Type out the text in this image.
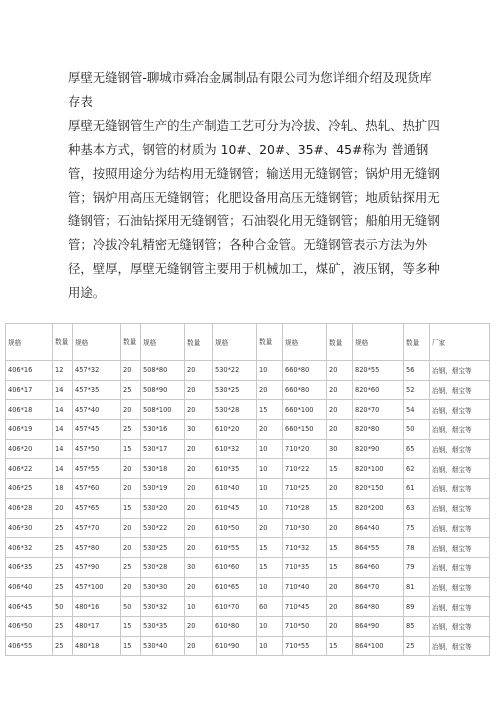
厚壁无缝钢管-聊城市舜冶金属制品有限公司为您详细介绍及现货库存表

厚壁无缝钢管生产的生产制造工艺可分为冷拔、冷轧、热轧、热扩四种基本方式，钢管的材质为 10#、20#、35#、45#称为 普通钢管，按照用途分为结构用无缝钢管；输送用无缝钢管；锅炉用无缝钢管；锅炉用高压无缝钢管；化肥设备用高压无缝钢管；地质钻探用无缝钢管；石油钻探用无缝钢管；石油裂化用无缝钢管；船舶用无缝钢管；冷拔冷轧精密无缝钢管；各种合金管。无缝钢管表示方法为外径，壁厚，厚壁无缝钢管主要用于机械加工，煤矿，液压钢，等多种用途。

规格	数量	规格	数量	规格	数量	规格	数量	规格	数量	规格	数量	厂家
406*16	12	457*32	20	508*80	20	530*22	10	660*80	20	820*55	56	冶钢，烟宝等
406*17	14	457*35	25	508*90	20	530*25	20	660*80	20	820*60	52	冶钢，烟宝等
406*18	14	457*40	20	508*100	20	530*28	15	660*100	20	820*70	54	冶钢，烟宝等
406*19	14	457*45	25	530*16	30	610*20	20	660*150	20	820*80	50	冶钢，烟宝等
406*20	14	457*50	15	530*17	20	610*32	10	710*20	30	820*90	65	冶钢，烟宝等
406*22	14	457*55	20	530*18	20	610*35	10	710*22	15	820*100	62	冶钢，烟宝等
406*25	18	457*60	20	530*19	20	610*40	10	710*25	20	820*150	61	冶钢，烟宝等
406*28	20	457*65	15	530*20	20	610*45	10	710*28	15	820*200	63	冶钢，烟宝等
406*30	25	457*70	20	530*22	20	610*50	20	710*30	20	864*40	75	冶钢，烟宝等
406*32	25	457*80	20	530*25	20	610*55	15	710*32	15	864*55	78	冶钢，烟宝等
406*35	25	457*90	25	530*28	30	610*60	15	710*35	15	864*60	79	冶钢，烟宝等
406*40	25	457*100	20	530*30	20	610*65	10	710*40	20	864*70	81	冶钢，烟宝等
406*45	50	480*16	50	530*32	10	610*70	60	710*45	20	864*80	89	冶钢，烟宝等
406*50	25	480*17	15	530*35	20	610*80	10	710*50	20	864*90	85	冶钢，烟宝等
406*55	25	480*18	15	530*40	20	610*90	10	710*55	15	864*100	25	冶钢，烟宝等
